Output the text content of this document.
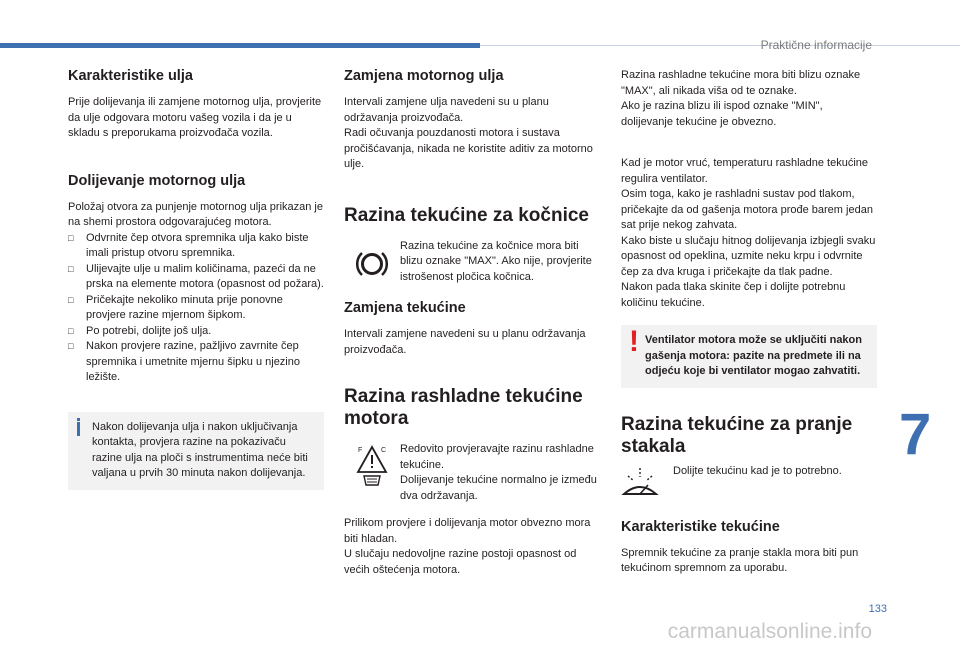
Praktične informacije
Karakteristike ulja

Prije dolijevanja ili zamjene motornog ulja, provjerite da ulje odgovara motoru vašeg vozila i da je u skladu s preporukama proizvođača vozila.

Dolijevanje motornog ulja

Položaj otvora za punjenje motornog ulja prikazan je na shemi prostora odgovarajućeg motora.

□ Odvrnite čep otvora spremnika ulja kako biste imali pristup otvoru spremnika.
□ Ulijevajte ulje u malim količinama, pazeći da ne prska na elemente motora (opasnost od požara).
□ Pričekajte nekoliko minuta prije ponovne provjere razine mjernom šipkom.
□ Po potrebi, dolijte još ulja.
□ Nakon provjere razine, pažljivo zavrnite čep spremnika i umetnite mjernu šipku u njezino ležište.

Nakon dolijevanja ulja i nakon uključivanja kontakta, provjera razine na pokazivaču razine ulja na ploči s instrumentima neće biti valjana u prvih 30 minuta nakon dolijevanja.

Zamjena motornog ulja

Intervali zamjene ulja navedeni su u planu održavanja proizvođača.
Radi očuvanja pouzdanosti motora i sustava pročišćavanja, nikada ne koristite aditiv za motorno ulje.

Razina tekućine za kočnice

Razina tekućine za kočnice mora biti blizu oznake "MAX". Ako nije, provjerite istrošenost pločica kočnica.

Zamjena tekućine

Intervali zamjene navedeni su u planu održavanja proizvođača.

Razina rashladne tekućine motora
F	C Redovito provjeravajte razinu rashladne tekućine.
Dolijevanje tekućine normalno je između dva održavanja.

Prilikom provjere i dolijevanja motor obvezno mora biti hladan.
U slučaju nedovoljne razine postoji opasnost od većih oštećenja motora.

Razina rashladne tekućine mora biti blizu oznake "MAX", ali nikada viša od te oznake.
Ako je razina blizu ili ispod oznake "MIN", dolijevanje tekućine je obvezno.

Kad je motor vruć, temperaturu rashladne tekućine regulira ventilator.
Osim toga, kako je rashladni sustav pod tlakom, pričekajte da od gašenja motora prođe barem jedan sat prije nekog zahvata.
Kako biste u slučaju hitnog dolijevanja izbjegli svaku opasnost od opeklina, uzmite neku krpu i odvrnite čep za dva kruga i pričekajte da tlak padne.
Nakon pada tlaka skinite čep i dolijte potrebnu količinu tekućine.

! Ventilator motora može se uključiti nakon gašenja motora: pazite na predmete ili na odjeću koje bi ventilator mogao zahvatiti.

Razina tekućine za pranje stakala

Dolijte tekućinu kad je to potrebno.

Karakteristike tekućine

Spremnik tekućine za pranje stakla mora biti pun tekućinom spremnom za uporabu.

7
133
carmanualsonline.info
